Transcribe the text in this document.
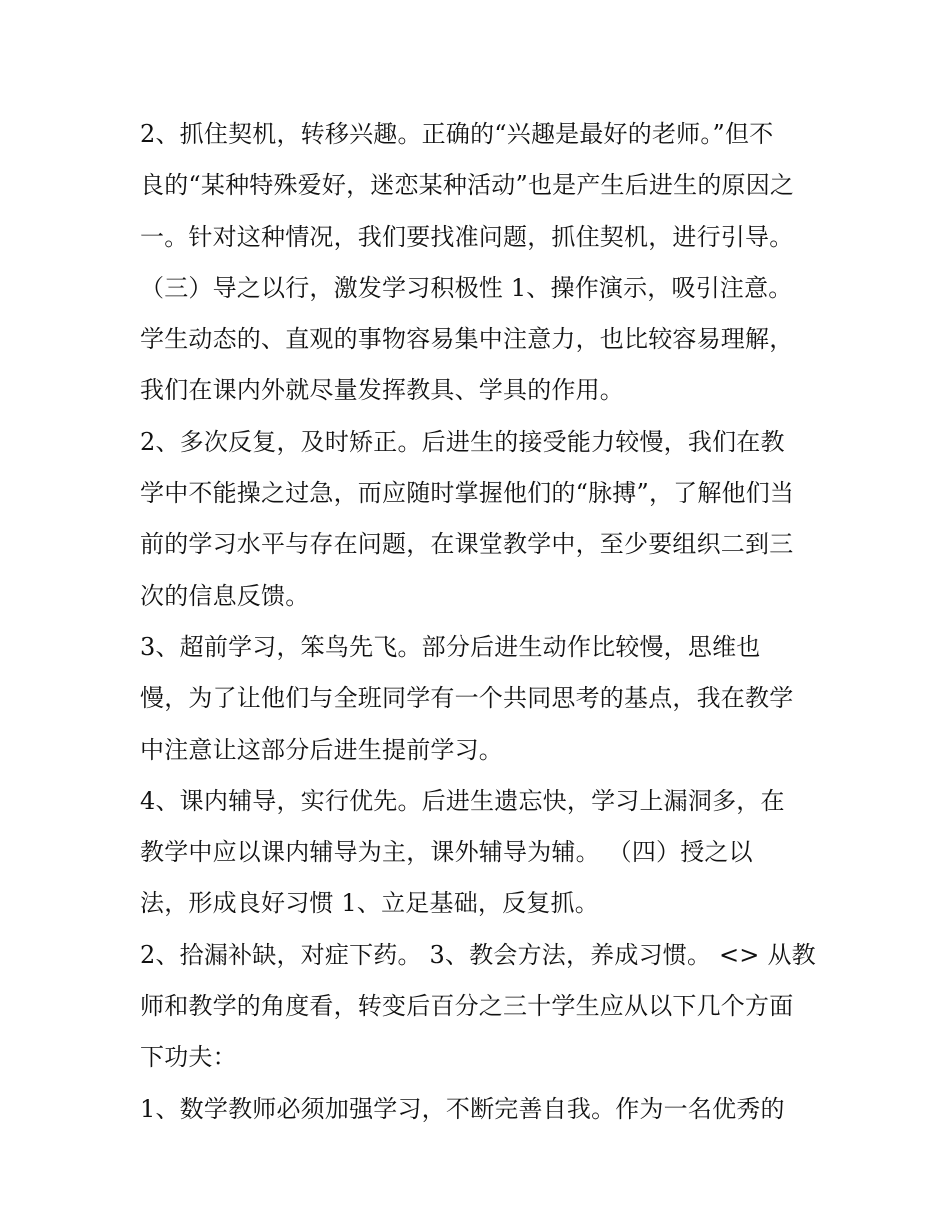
2、抓住契机，转移兴趣。正确的“兴趣是最好的老师。”但不
良的“某种特殊爱好，迷恋某种活动”也是产生后进生的原因之
一。针对这种情况，我们要找准问题，抓住契机，进行引导。
（三）导之以行，激发学习积极性 1、操作演示，吸引注意。
学生动态的、直观的事物容易集中注意力，也比较容易理解，
我们在课内外就尽量发挥教具、学具的作用。
2、多次反复，及时矫正。后进生的接受能力较慢，我们在教
学中不能操之过急，而应随时掌握他们的“脉搏”，了解他们当
前的学习水平与存在问题，在课堂教学中，至少要组织二到三
次的信息反馈。
3、超前学习，笨鸟先飞。部分后进生动作比较慢，思维也
慢，为了让他们与全班同学有一个共同思考的基点，我在教学
中注意让这部分后进生提前学习。
4、课内辅导，实行优先。后进生遗忘快，学习上漏洞多，在
教学中应以课内辅导为主，课外辅导为辅。 （四）授之以
法，形成良好习惯 1、立足基础，反复抓。
2、拾漏补缺，对症下药。 3、教会方法，养成习惯。 <> 从教
师和教学的角度看，转变后百分之三十学生应从以下几个方面
下功夫：
1、数学教师必须加强学习，不断完善自我。作为一名优秀的
